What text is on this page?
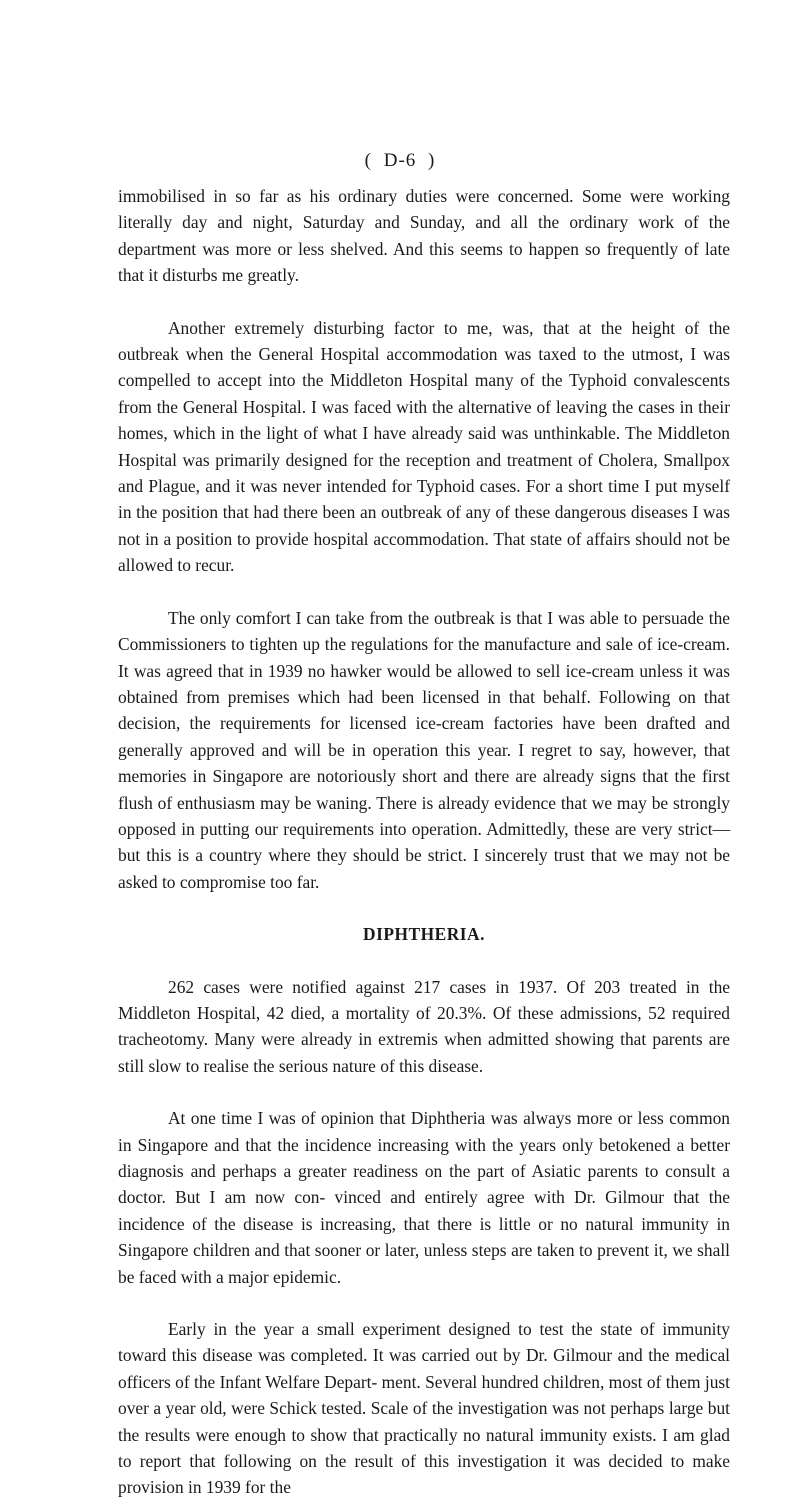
( D-6 )

immobilised in so far as his ordinary duties were concerned. Some were working literally day and night, Saturday and Sunday, and all the ordinary work of the department was more or less shelved. And this seems to happen so frequently of late that it disturbs me greatly.

Another extremely disturbing factor to me, was, that at the height of the outbreak when the General Hospital accommodation was taxed to the utmost, I was compelled to accept into the Middleton Hospital many of the Typhoid convalescents from the General Hospital. I was faced with the alternative of leaving the cases in their homes, which in the light of what I have already said was unthinkable. The Middleton Hospital was primarily designed for the reception and treatment of Cholera, Smallpox and Plague, and it was never intended for Typhoid cases. For a short time I put myself in the position that had there been an outbreak of any of these dangerous diseases I was not in a position to provide hospital accommodation. That state of affairs should not be allowed to recur.

The only comfort I can take from the outbreak is that I was able to persuade the Commissioners to tighten up the regulations for the manufacture and sale of ice-cream. It was agreed that in 1939 no hawker would be allowed to sell ice-cream unless it was obtained from premises which had been licensed in that behalf. Following on that decision, the requirements for licensed ice-cream factories have been drafted and generally approved and will be in operation this year. I regret to say, however, that memories in Singapore are notoriously short and there are already signs that the first flush of enthusiasm may be waning. There is already evidence that we may be strongly opposed in putting our requirements into operation. Admittedly, these are very strict—but this is a country where they should be strict. I sincerely trust that we may not be asked to compromise too far.

DIPHTHERIA.

262 cases were notified against 217 cases in 1937. Of 203 treated in the Middleton Hospital, 42 died, a mortality of 20.3%. Of these admissions, 52 required tracheotomy. Many were already in extremis when admitted showing that parents are still slow to realise the serious nature of this disease.

At one time I was of opinion that Diphtheria was always more or less common in Singapore and that the incidence increasing with the years only betokened a better diagnosis and perhaps a greater readiness on the part of Asiatic parents to consult a doctor. But I am now con- vinced and entirely agree with Dr. Gilmour that the incidence of the disease is increasing, that there is little or no natural immunity in Singapore children and that sooner or later, unless steps are taken to prevent it, we shall be faced with a major epidemic.

Early in the year a small experiment designed to test the state of immunity toward this disease was completed. It was carried out by Dr. Gilmour and the medical officers of the Infant Welfare Depart- ment. Several hundred children, most of them just over a year old, were Schick tested. Scale of the investigation was not perhaps large but the results were enough to show that practically no natural immunity exists. I am glad to report that following on the result of this investigation it was decided to make provision in 1939 for the
